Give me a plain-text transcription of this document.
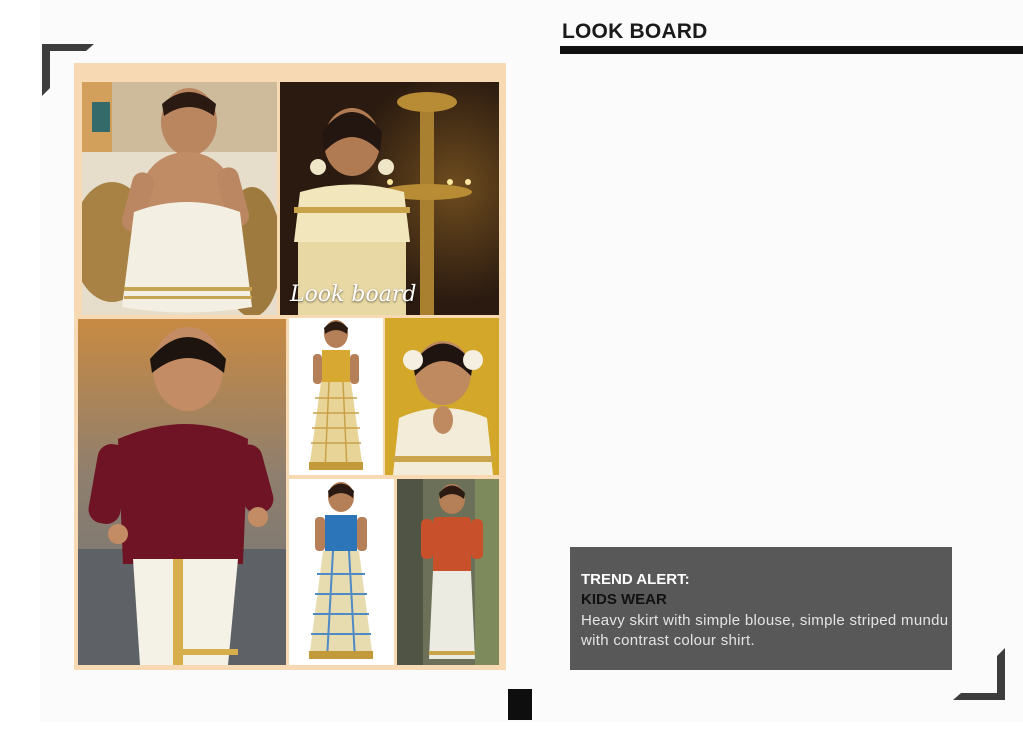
LOOK BOARD
Look board
TREND ALERT:
KIDS WEAR
Heavy skirt with simple blouse, simple striped mundu with contrast colour shirt.
